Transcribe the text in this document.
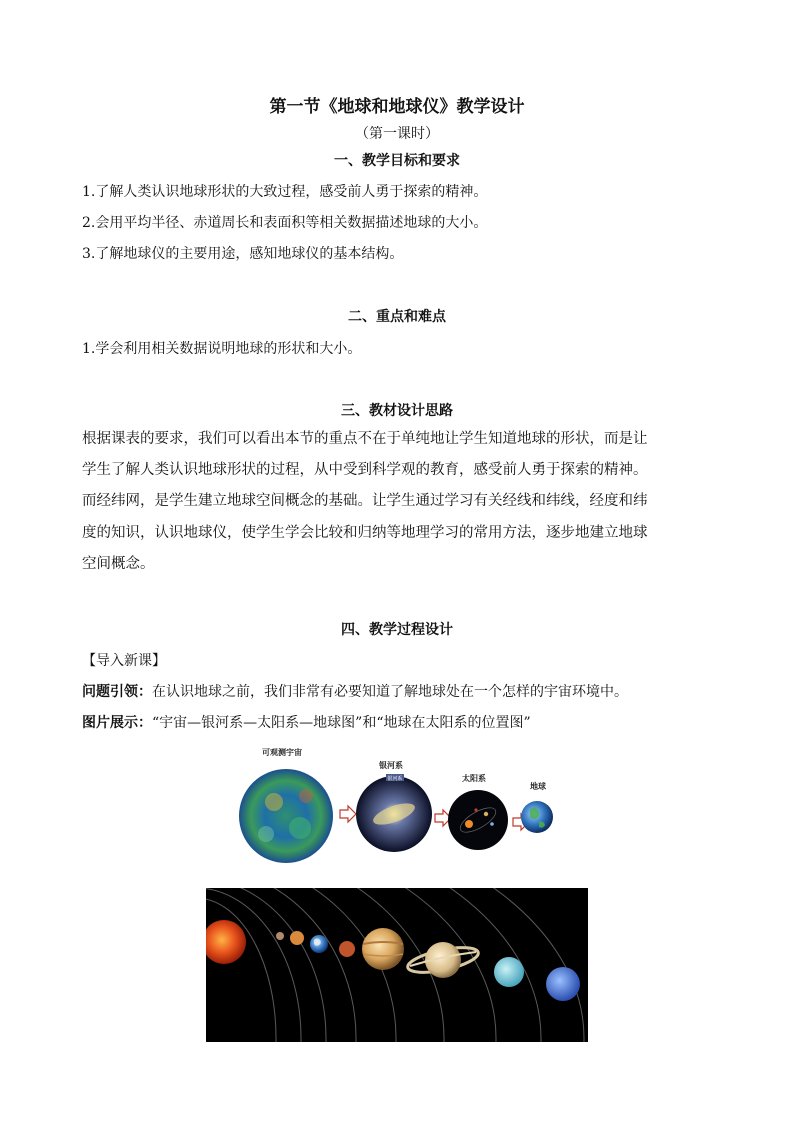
第一节《地球和地球仪》教学设计
（第一课时）
一、教学目标和要求
1.了解人类认识地球形状的大致过程，感受前人勇于探索的精神。
2.会用平均半径、赤道周长和表面积等相关数据描述地球的大小。
3.了解地球仪的主要用途，感知地球仪的基本结构。
二、重点和难点
1.学会利用相关数据说明地球的形状和大小。
三、教材设计思路
根据课表的要求，我们可以看出本节的重点不在于单纯地让学生知道地球的形状，而是让
学生了解人类认识地球形状的过程，从中受到科学观的教育，感受前人勇于探索的精神。
而经纬网，是学生建立地球空间概念的基础。让学生通过学习有关经线和纬线，经度和纬
度的知识，认识地球仪，使学生学会比较和归纳等地理学习的常用方法，逐步地建立地球
空间概念。
四、教学过程设计
【导入新课】
问题引领：在认识地球之前，我们非常有必要知道了解地球处在一个怎样的宇宙环境中。
图片展示：“宇宙—银河系—太阳系—地球图”和“地球在太阳系的位置图”
可观测宇宙
银河系
银河系	太阳系
地球
